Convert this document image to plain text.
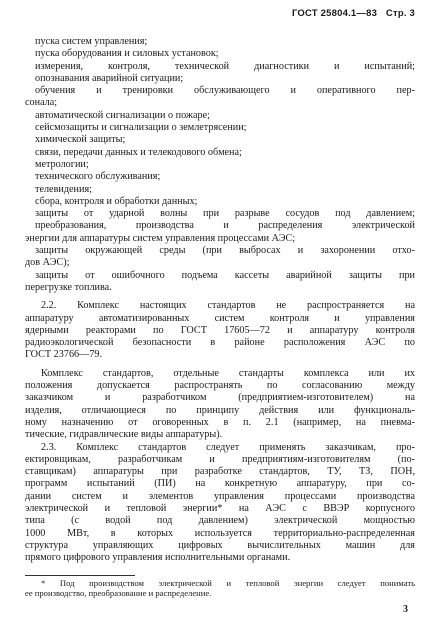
ГОСТ 25804.1—83 Стр. 3
пуска систем управления;
пуска оборудования и силовых установок;
измерения, контроля, технической диагностики и испытаний;
опознавания аварийной ситуации;
обучения и тренировки обслуживающего и оперативного пер-
сонала;
автоматической сигнализации о пожаре;
сейсмозащиты и сигнализации о землетрясении;
химической защиты;
связи, передачи данных и телекодового обмена;
метрологии;
технического обслуживания;
телевидения;
сбора, контроля и обработки данных;
защиты от ударной волны при разрыве сосудов под давлением;
преобразования, производства и распределения электрической
энергии для аппаратуры систем управления процессами АЭС;
защиты окружающей среды (при выбросах и захоронении отхо-
дов АЭС);
защиты от ошибочного подъема кассеты аварийной защиты при
перегрузке топлива.
2.2. Комплекс настоящих стандартов не распространяется на
аппаратуру автоматизированных систем контроля и управления
ядерными реакторами по ГОСТ 17605—72 и аппаратуру контроля
радиоэкологической безопасности в районе расположения АЭС по
ГОСТ 23766—79.
Комплекс стандартов, отдельные стандарты комплекса или их
положения допускается распространять по согласованию между
заказчиком и разработчиком (предприятием-изготовителем) на
изделия, отличающиеся по принципу действия или функциональ-
ному назначению от оговоренных в п. 2.1 (например, на пневма-
тические, гидравлические виды аппаратуры).
2.3. Комплекс стандартов следует применять заказчикам, про-
ектировщикам, разработчикам и предприятиям-изготовителям (по-
ставщикам) аппаратуры при разработке стандартов, ТУ, ТЗ, ПОН,
программ испытаний (ПИ) на конкретную аппаратуру, при со-
дании систем и элементов управления процессами производства
электрической и тепловой энергии* на АЭС с ВВЭР корпусного
типа (с водой под давлением) электрической мощностью
1000 МВт, в которых используется территориально-распределенная
структура управляющих цифровых вычислительных машин для
прямого цифрового управления исполнительными органами.
* Под производством электрической и тепловой энергии следует понимать
ее производство, преобразование и распределение.
3
